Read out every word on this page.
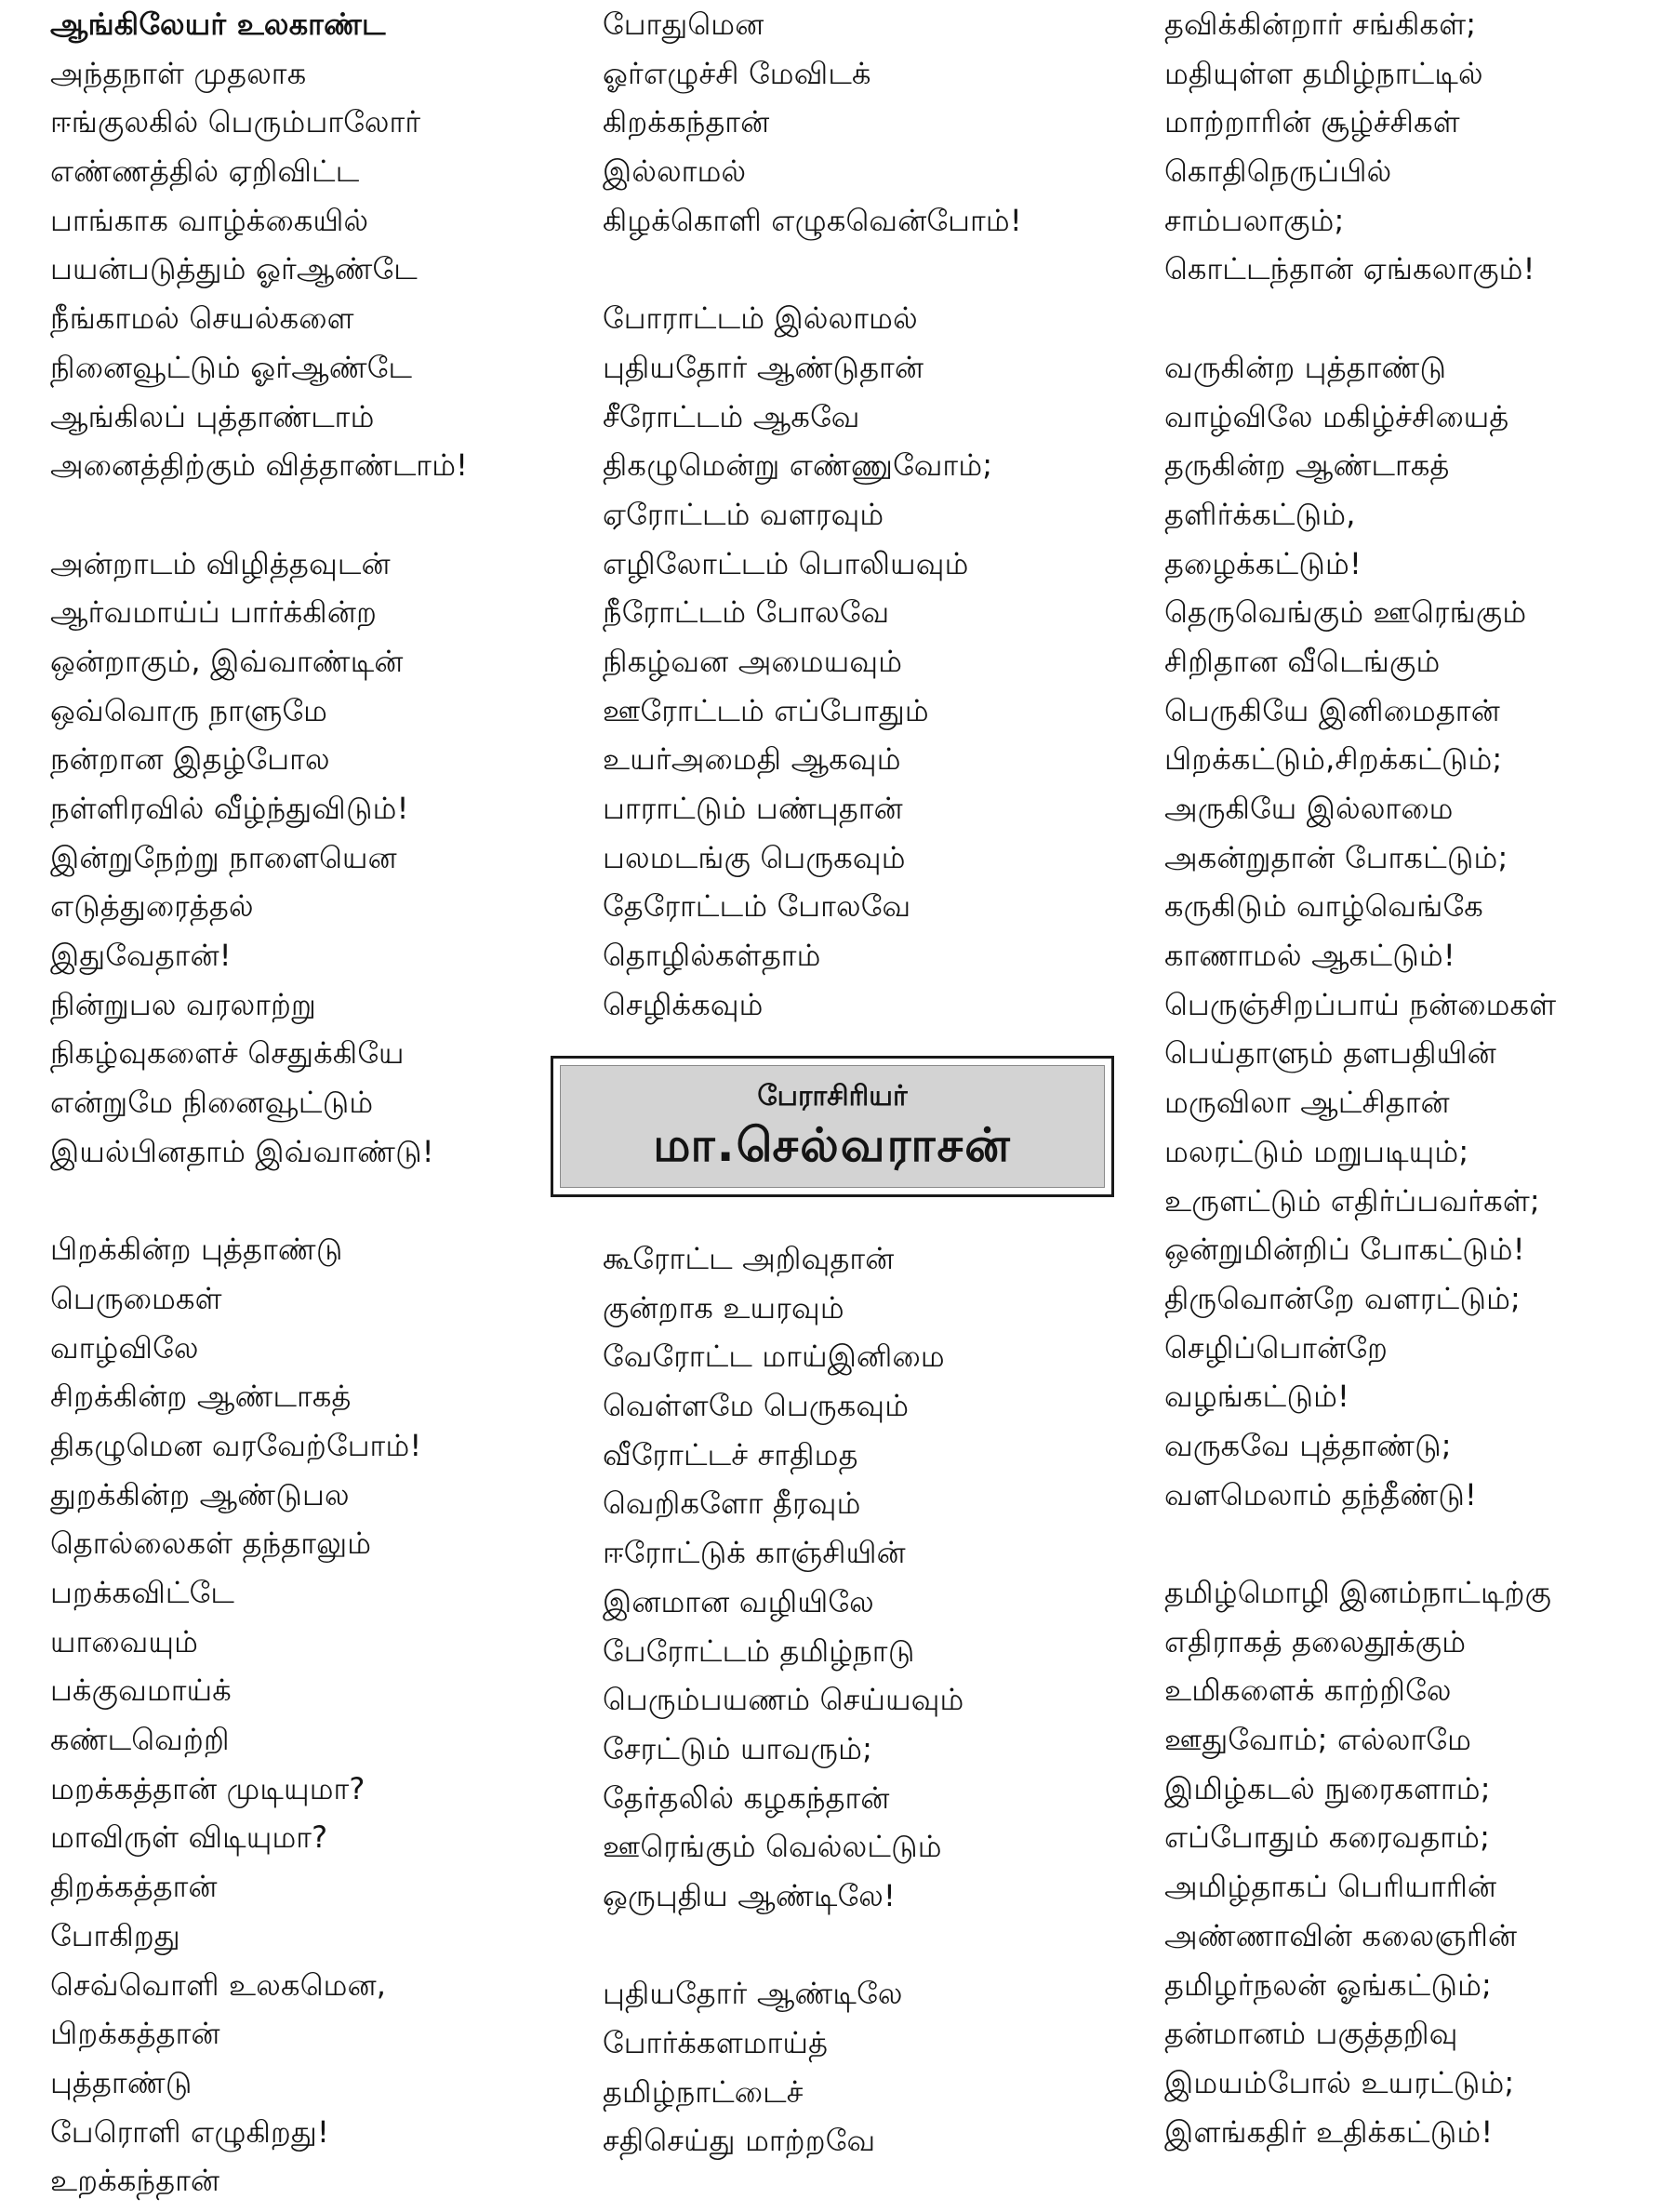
ஆங்கிலேயர் உலகாண்ட
அந்தநாள் முதலாக
ஈங்குலகில் பெரும்பாலோர்
எண்ணத்தில் ஏறிவிட்ட
பாங்காக வாழ்க்கையில்
பயன்படுத்தும் ஓர்ஆண்டே
நீங்காமல் செயல்களை
நினைவூட்டும் ஓர்ஆண்டே
ஆங்கிலப் புத்தாண்டாம்
அனைத்திற்கும் வித்தாண்டாம்!
அன்றாடம் விழித்தவுடன்
ஆர்வமாய்ப் பார்க்கின்ற
ஒன்றாகும், இவ்வாண்டின்
ஒவ்வொரு நாளுமே
நன்றான இதழ்போல
நள்ளிரவில் வீழ்ந்துவிடும்!
இன்றுநேற்று நாளையென
எடுத்துரைத்தல்
இதுவேதான்!
நின்றுபல வரலாற்று
நிகழ்வுகளைச் செதுக்கியே
என்றுமே நினைவூட்டும்
இயல்பினதாம் இவ்வாண்டு!
பிறக்கின்ற புத்தாண்டு
பெருமைகள்
வாழ்விலே
சிறக்கின்ற ஆண்டாகத்
திகழுமென வரவேற்போம்!
துறக்கின்ற ஆண்டுபல
தொல்லைகள் தந்தாலும்
பறக்கவிட்டே
யாவையும்
பக்குவமாய்க்
கண்டவெற்றி
மறக்கத்தான் முடியுமா?
மாவிருள் விடியுமா?
திறக்கத்தான்
போகிறது
செவ்வொளி உலகமென,
பிறக்கத்தான்
புத்தாண்டு
பேரொளி எழுகிறது!
உறக்கந்தான்
போதுமென
ஓர்எழுச்சி மேவிடக்
கிறக்கந்தான்
இல்லாமல்
கிழக்கொளி எழுகவென்போம்!
போராட்டம் இல்லாமல்
புதியதோர் ஆண்டுதான்
சீரோட்டம் ஆகவே
திகழுமென்று எண்ணுவோம்;
ஏரோட்டம் வளரவும்
எழிலோட்டம் பொலியவும்
நீரோட்டம் போலவே
நிகழ்வன அமையவும்
ஊரோட்டம் எப்போதும்
உயர்அமைதி ஆகவும்
பாராட்டும் பண்புதான்
பலமடங்கு பெருகவும்
தேரோட்டம் போலவே
தொழில்கள்தாம்
செழிக்கவும்
கூரோட்ட அறிவுதான்
குன்றாக உயரவும்
வேரோட்ட மாய்இனிமை
வெள்ளமே பெருகவும்
வீரோட்டச் சாதிமத
வெறிகளோ தீரவும்
ஈரோட்டுக் காஞ்சியின்
இனமான வழியிலே
பேரோட்டம் தமிழ்நாடு
பெரும்பயணம் செய்யவும்
சேரட்டும் யாவரும்;
தேர்தலில் கழகந்தான்
ஊரெங்கும் வெல்லட்டும்
ஒருபுதிய ஆண்டிலே!
புதியதோர் ஆண்டிலே
போர்க்களமாய்த்
தமிழ்நாட்டைச்
சதிசெய்து மாற்றவே
தவிக்கின்றார் சங்கிகள்;
மதியுள்ள தமிழ்நாட்டில்
மாற்றாரின் சூழ்ச்சிகள்
கொதிநெருப்பில்
சாம்பலாகும்;
கொட்டந்தான் ஏங்கலாகும்!
வருகின்ற புத்தாண்டு
வாழ்விலே மகிழ்ச்சியைத்
தருகின்ற ஆண்டாகத்
தளிர்க்கட்டும்,
தழைக்கட்டும்!
தெருவெங்கும் ஊரெங்கும்
சிறிதான வீடெங்கும்
பெருகியே இனிமைதான்
பிறக்கட்டும்,சிறக்கட்டும்;
அருகியே இல்லாமை
அகன்றுதான் போகட்டும்;
கருகிடும் வாழ்வெங்கே
காணாமல் ஆகட்டும்!
பெருஞ்சிறப்பாய் நன்மைகள்
பெய்தாளும் தளபதியின்
மருவிலா ஆட்சிதான்
மலரட்டும் மறுபடியும்;
உருளட்டும் எதிர்ப்பவர்கள்;
ஒன்றுமின்றிப் போகட்டும்!
திருவொன்றே வளரட்டும்;
செழிப்பொன்றே
வழங்கட்டும்!
வருகவே புத்தாண்டு;
வளமெலாம் தந்தீண்டு!
தமிழ்மொழி இனம்நாட்டிற்கு
எதிராகத் தலைதூக்கும்
உமிகளைக் காற்றிலே
ஊதுவோம்; எல்லாமே
இமிழ்கடல் நுரைகளாம்;
எப்போதும் கரைவதாம்;
அமிழ்தாகப் பெரியாரின்
அண்ணாவின் கலைஞரின்
தமிழர்நலன் ஓங்கட்டும்;
தன்மானம் பகுத்தறிவு
இமயம்போல் உயரட்டும்;
இளங்கதிர் உதிக்கட்டும்!
பேராசிரியர்
மா.செல்வராசன்
